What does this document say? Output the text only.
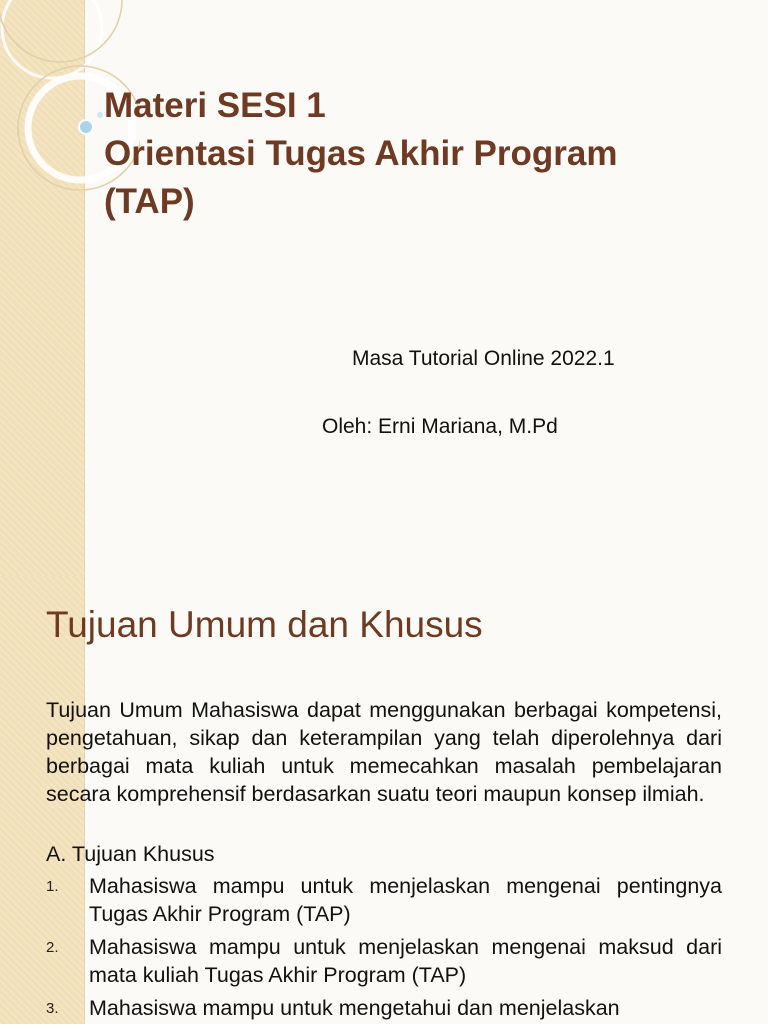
Materi SESI 1
Orientasi Tugas Akhir Program
(TAP)
Masa Tutorial Online 2022.1
Oleh: Erni Mariana, M.Pd
Tujuan Umum dan Khusus
Tujuan Umum Mahasiswa dapat menggunakan berbagai kompetensi, pengetahuan, sikap dan keterampilan yang telah diperolehnya dari berbagai mata kuliah untuk memecahkan masalah pembelajaran secara komprehensif berdasarkan suatu teori maupun konsep ilmiah.
A. Tujuan Khusus
1. Mahasiswa mampu untuk menjelaskan mengenai pentingnya Tugas Akhir Program (TAP)
2. Mahasiswa mampu untuk menjelaskan mengenai maksud dari mata kuliah Tugas Akhir Program (TAP)
3. Mahasiswa mampu untuk mengetahui dan menjelaskan
